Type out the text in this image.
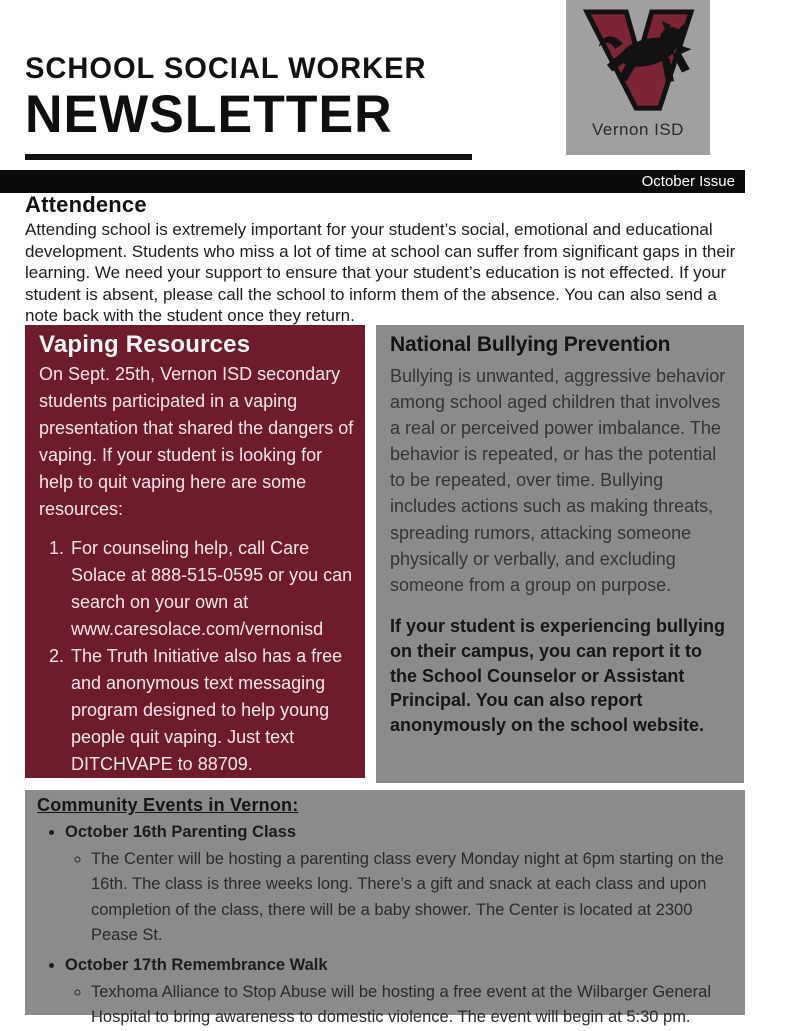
SCHOOL SOCIAL WORKER
NEWSLETTER	Vernon ISD
October Issue
Attendence

Attending school is extremely important for your student’s social, emotional and educational development. Students who miss a lot of time at school can suffer from significant gaps in their learning. We need your support to ensure that your student’s education is not effected. If your student is absent, please call the school to inform them of the absence. You can also send a note back with the student once they return.

Vaping Resources

On Sept. 25th, Vernon ISD secondary students participated in a vaping presentation that shared the dangers of vaping. If your student is looking for help to quit vaping here are some resources:

1. For counseling help, call Care Solace at 888-515-0595 or you can search on your own at www.caresolace.com/vernonisd
2. The Truth Initiative also has a free and anonymous text messaging program designed to help young people quit vaping. Just text DITCHVAPE to 88709.
National Bullying Prevention

Bullying is unwanted, aggressive behavior among school aged children that involves a real or perceived power imbalance. The behavior is repeated, or has the potential to be repeated, over time. Bullying includes actions such as making threats, spreading rumors, attacking someone physically or verbally, and excluding someone from a group on purpose.

If your student is experiencing bullying on their campus, you can report it to the School Counselor or Assistant Principal. You can also report anonymously on the school website.

Community Events in Vernon:
• October 16th Parenting Class
◦ The Center will be hosting a parenting class every Monday night at 6pm starting on the 16th. The class is three weeks long. There’s a gift and snack at each class and upon completion of the class, there will be a baby shower. The Center is located at 2300 Pease St.
• October 17th Remembrance Walk
◦ Texhoma Alliance to Stop Abuse will be hosting a free event at the Wilbarger General Hospital to bring awareness to domestic violence. The event will begin at 5:30 pm.
